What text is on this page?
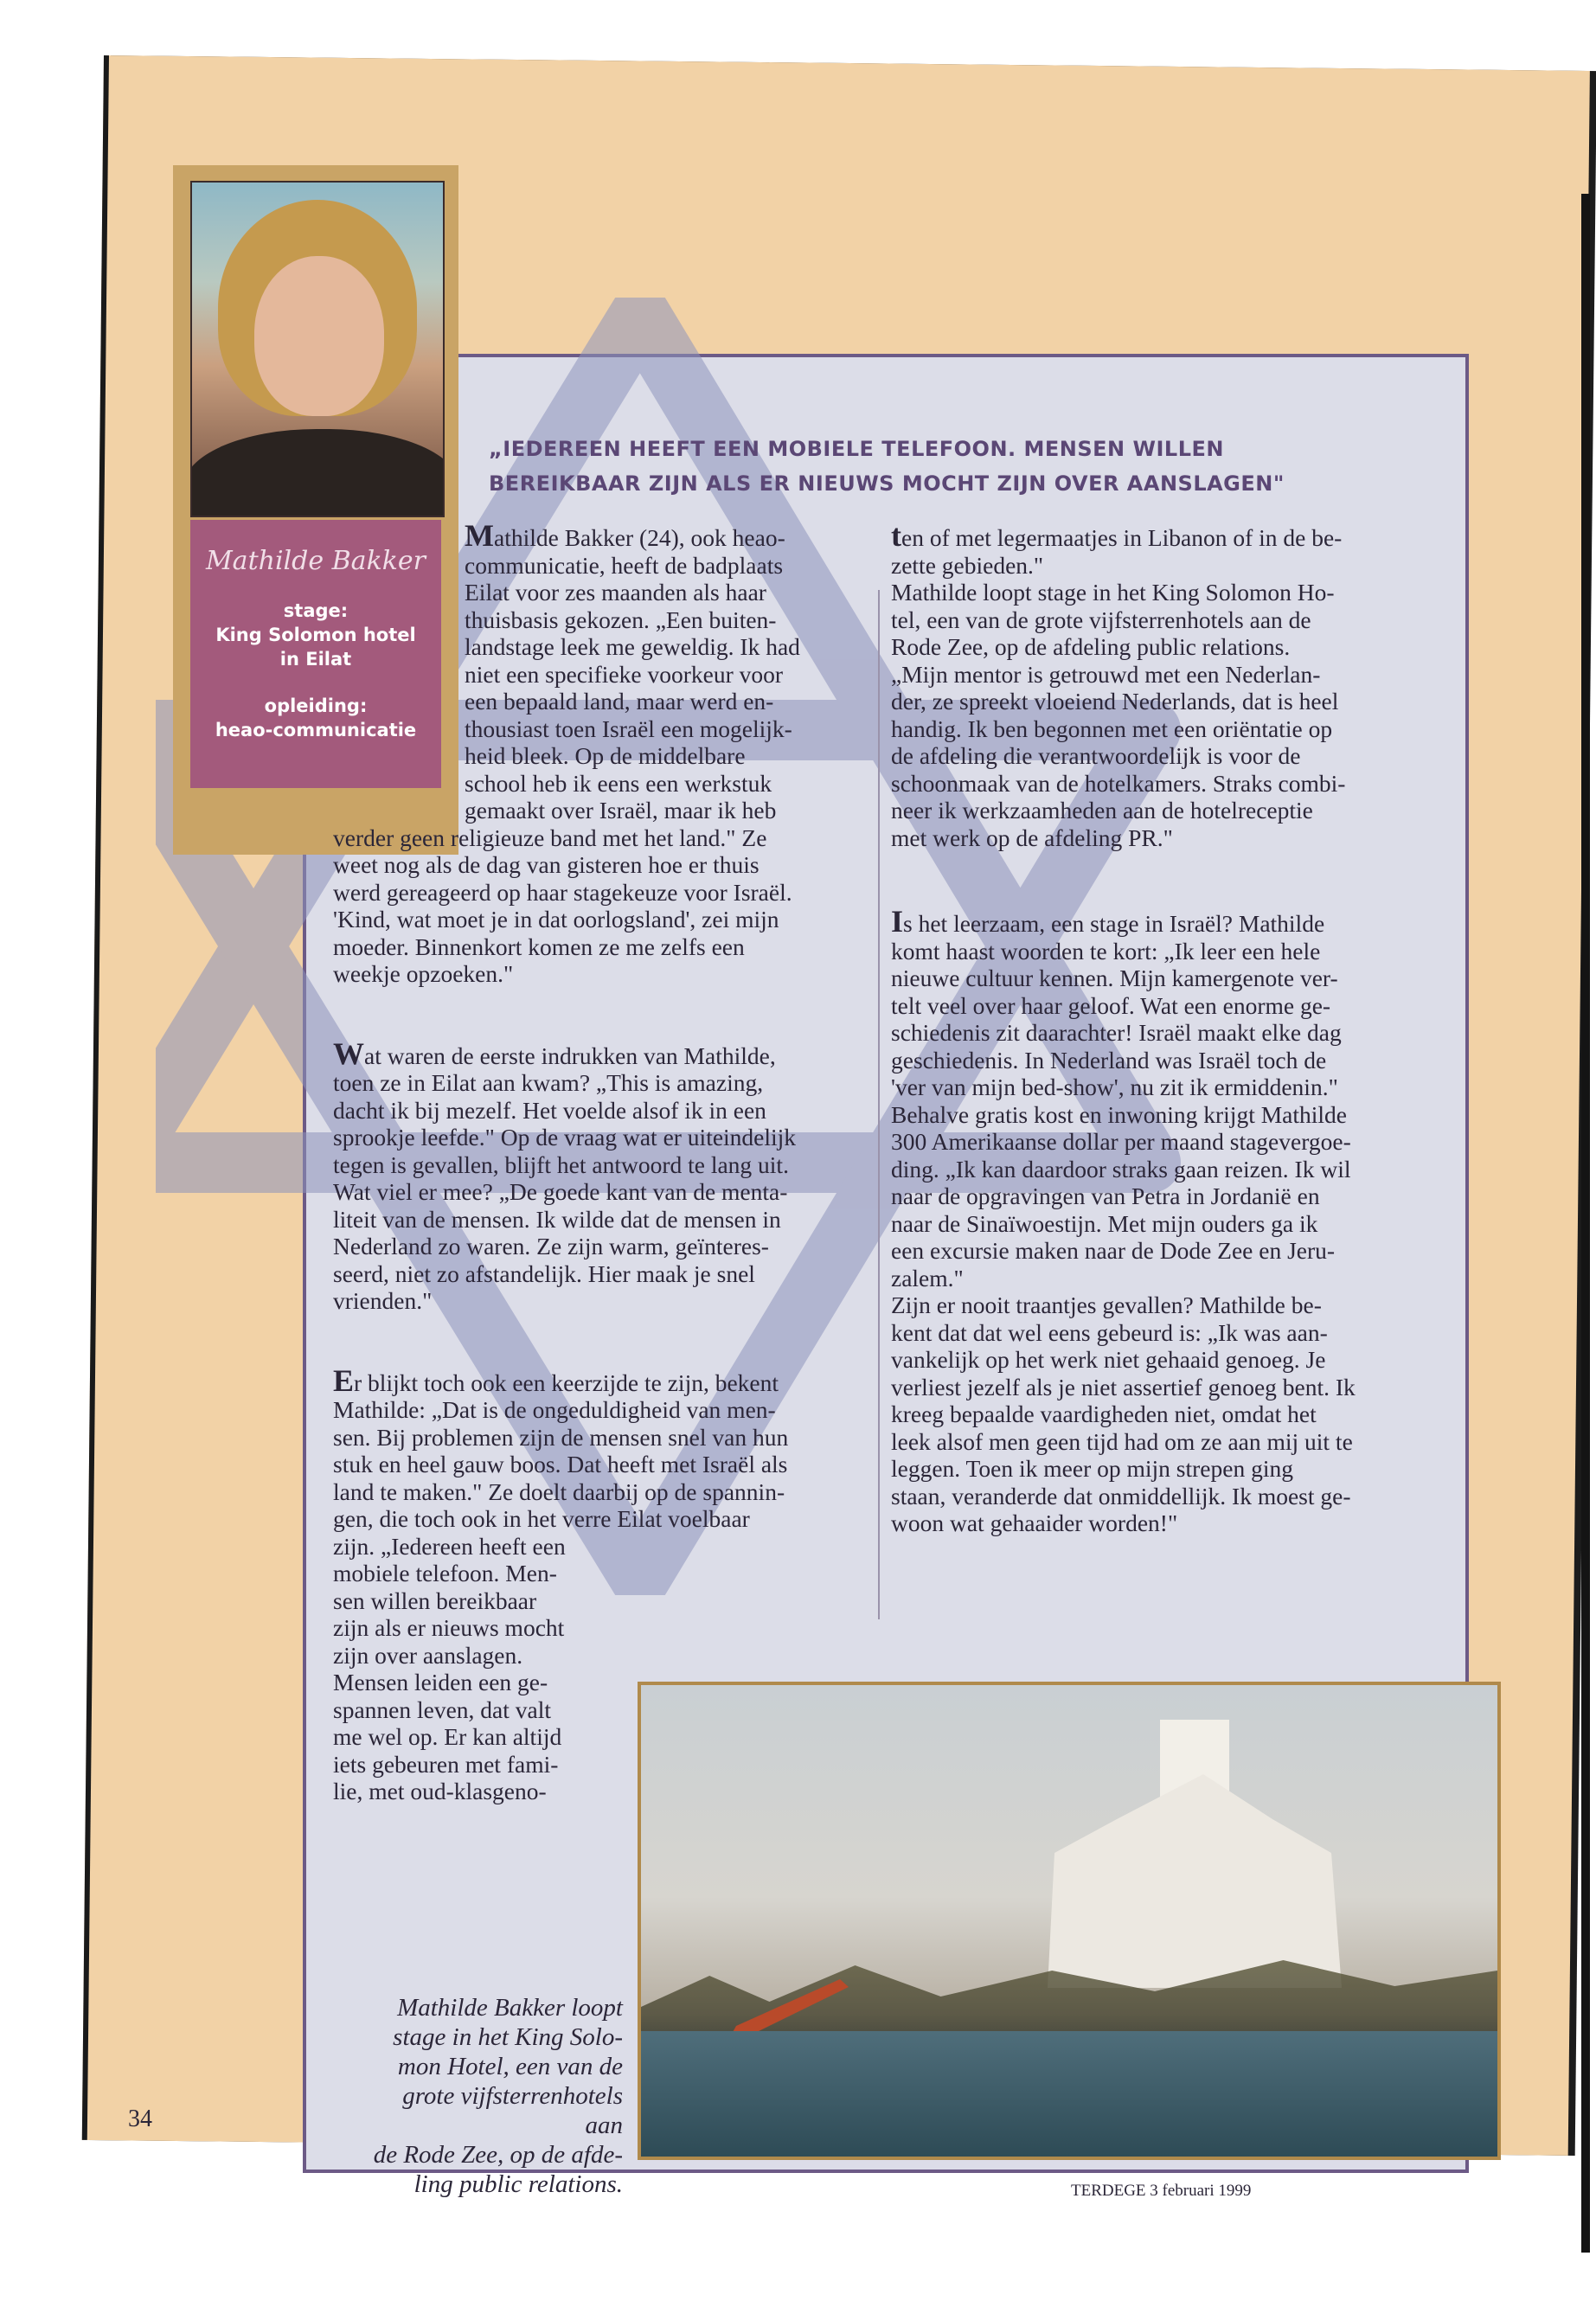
Mathilde Bakker
stage:
King Solomon hotel
in Eilat
opleiding:
heao-communicatie
„IEDEREEN HEEFT EEN MOBIELE TELEFOON. MENSEN WILLEN
BEREIKBAAR ZIJN ALS ER NIEUWS MOCHT ZIJN OVER AANSLAGEN"

Mathilde Bakker (24), ook heao-

communicatie, heeft de badplaats

Eilat voor zes maanden als haar

thuisbasis gekozen. „Een buiten-

landstage leek me geweldig. Ik had

niet een specifieke voorkeur voor

een bepaald land, maar werd en-

thousiast toen Israël een mogelijk-

heid bleek. Op de middelbare

school heb ik eens een werkstuk

gemaakt over Israël, maar ik heb

verder geen religieuze band met het land." Ze

weet nog als de dag van gisteren hoe er thuis

werd gereageerd op haar stagekeuze voor Israël.

'Kind, wat moet je in dat oorlogsland', zei mijn

moeder. Binnenkort komen ze me zelfs een

weekje opzoeken."

Wat waren de eerste indrukken van Mathilde,

toen ze in Eilat aan kwam? „This is amazing,

dacht ik bij mezelf. Het voelde alsof ik in een

sprookje leefde." Op de vraag wat er uiteindelijk

tegen is gevallen, blijft het antwoord te lang uit.

Wat viel er mee? „De goede kant van de menta-

liteit van de mensen. Ik wilde dat de mensen in

Nederland zo waren. Ze zijn warm, geïnteres-

seerd, niet zo afstandelijk. Hier maak je snel

vrienden."

Er blijkt toch ook een keerzijde te zijn, bekent

Mathilde: „Dat is de ongeduldigheid van men-

sen. Bij problemen zijn de mensen snel van hun

stuk en heel gauw boos. Dat heeft met Israël als

land te maken." Ze doelt daarbij op de spannin-

gen, die toch ook in het verre Eilat voelbaar

zijn. „Iedereen heeft een

mobiele telefoon. Men-

sen willen bereikbaar

zijn als er nieuws mocht

zijn over aanslagen.

Mensen leiden een ge-

spannen leven, dat valt

me wel op. Er kan altijd

iets gebeuren met fami-

lie, met oud-klasgeno-

ten of met legermaatjes in Libanon of in de be-

zette gebieden."

Mathilde loopt stage in het King Solomon Ho-

tel, een van de grote vijfsterrenhotels aan de

Rode Zee, op de afdeling public relations.

„Mijn mentor is getrouwd met een Nederlan-

der, ze spreekt vloeiend Nederlands, dat is heel

handig. Ik ben begonnen met een oriëntatie op

de afdeling die verantwoordelijk is voor de

schoonmaak van de hotelkamers. Straks combi-

neer ik werkzaamheden aan de hotelreceptie

met werk op de afdeling PR."

Is het leerzaam, een stage in Israël? Mathilde

komt haast woorden te kort: „Ik leer een hele

nieuwe cultuur kennen. Mijn kamergenote ver-

telt veel over haar geloof. Wat een enorme ge-

schiedenis zit daarachter! Israël maakt elke dag

geschiedenis. In Nederland was Israël toch de

'ver van mijn bed-show', nu zit ik ermiddenin."

Behalve gratis kost en inwoning krijgt Mathilde

300 Amerikaanse dollar per maand stagevergoe-

ding. „Ik kan daardoor straks gaan reizen. Ik wil

naar de opgravingen van Petra in Jordanië en

naar de Sinaïwoestijn. Met mijn ouders ga ik

een excursie maken naar de Dode Zee en Jeru-

zalem."

Zijn er nooit traantjes gevallen? Mathilde be-

kent dat dat wel eens gebeurd is: „Ik was aan-

vankelijk op het werk niet gehaaid genoeg. Je

verliest jezelf als je niet assertief genoeg bent. Ik

kreeg bepaalde vaardigheden niet, omdat het

leek alsof men geen tijd had om ze aan mij uit te

leggen. Toen ik meer op mijn strepen ging

staan, veranderde dat onmiddellijk. Ik moest ge-

woon wat gehaaider worden!"

Mathilde Bakker loopt
stage in het King Solo-
mon Hotel, een van de
grote vijfsterrenhotels aan
de Rode Zee, op de afde-
ling public relations.
34
TERDEGE 3 februari 1999
